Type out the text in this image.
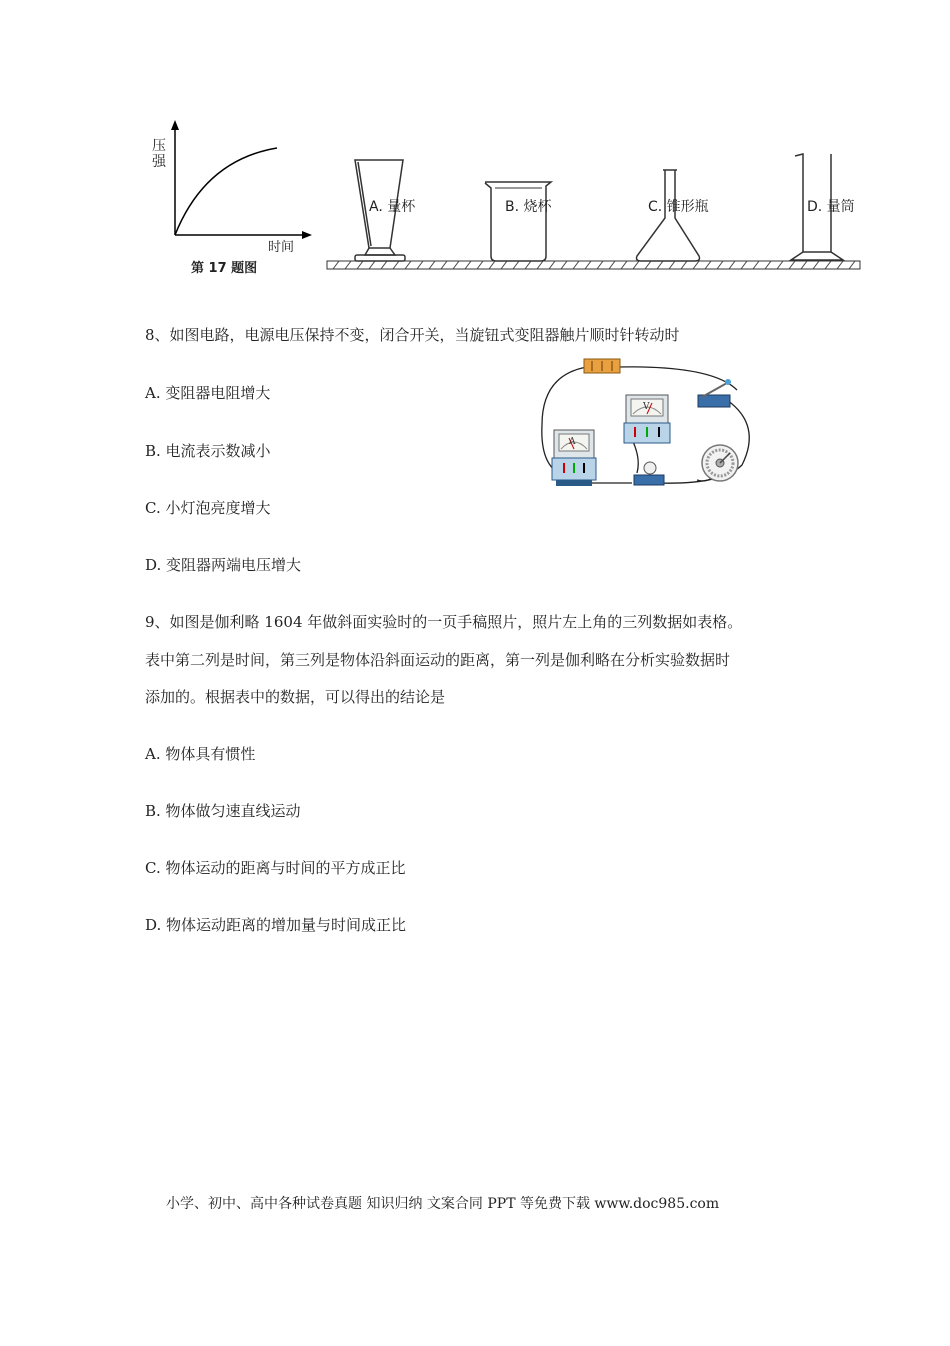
压
强
时间
第 17 题图
A. 量杯	B. 烧杯	C. 锥形瓶	D. 量筒
8、如图电路，电源电压保持不变，闭合开关，当旋钮式变阻器触片顺时针转动时
A. 变阻器电阻增大
B. 电流表示数减小
C. 小灯泡亮度增大
D. 变阻器两端电压增大
A
V
9、如图是伽利略 1604 年做斜面实验时的一页手稿照片，照片左上角的三列数据如表格。
表中第二列是时间，第三列是物体沿斜面运动的距离，第一列是伽利略在分析实验数据时
添加的。根据表中的数据，可以得出的结论是
A. 物体具有惯性
B. 物体做匀速直线运动
C. 物体运动的距离与时间的平方成正比
D. 物体运动距离的增加量与时间成正比
小学、初中、高中各种试卷真题 知识归纳 文案合同 PPT 等免费下载 www.doc985.com
